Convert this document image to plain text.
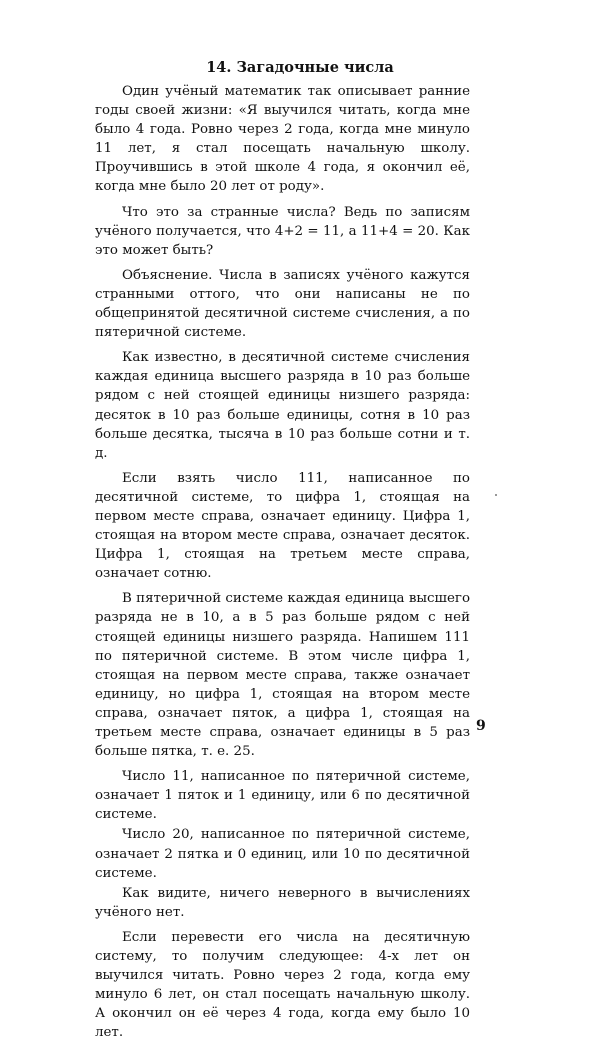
14. Загадочные числа

Один учёный математик так описывает ранние годы своей жизни: «Я выучился читать, когда мне было 4 года. Ровно через 2 года, когда мне минуло 11 лет, я стал посещать начальную школу. Проучившись в этой школе 4 года, я окончил её, когда мне было 20 лет от роду».

Что это за странные числа? Ведь по записям учёного получается, что 4+2 = 11, а 11+4 = 20. Как это может быть?

Объяснение. Числа в записях учёного кажутся странными оттого, что они написаны не по общепринятой десятичной системе счисления, а по пятеричной системе.

Как известно, в десятичной системе счисления каждая единица высшего разряда в 10 раз больше рядом с ней стоящей единицы низшего разряда: десяток в 10 раз больше единицы, сотня в 10 раз больше десятка, тысяча в 10 раз больше сотни и т. д.

Если взять число 111, написанное по десятичной системе, то цифра 1, стоящая на первом месте справа, означает единицу. Цифра 1, стоящая на втором месте справа, означает десяток. Цифра 1, стоящая на третьем месте справа, означает сотню.

В пятеричной системе каждая единица высшего разряда не в 10, а в 5 раз больше рядом с ней стоящей единицы низшего разряда. Напишем 111 по пятеричной системе. В этом числе цифра 1, стоящая на первом месте справа, также означает единицу, но цифра 1, стоящая на втором месте справа, означает пяток, а цифра 1, стоящая на третьем месте справа, означает единицы в 5 раз больше пятка, т. е. 25.

Число 11, написанное по пятеричной системе, означает 1 пяток и 1 единицу, или 6 по десятичной системе.

Число 20, написанное по пятеричной системе, означает 2 пятка и 0 единиц, или 10 по десятичной системе.

Как видите, ничего неверного в вычислениях учёного нет.

Если перевести его числа на десятичную систему, то получим следующее: 4-х лет он выучился читать. Ровно через 2 года, когда ему минуло 6 лет, он стал посещать начальную школу. А окончил он её через 4 года, когда ему было 10 лет.

9
